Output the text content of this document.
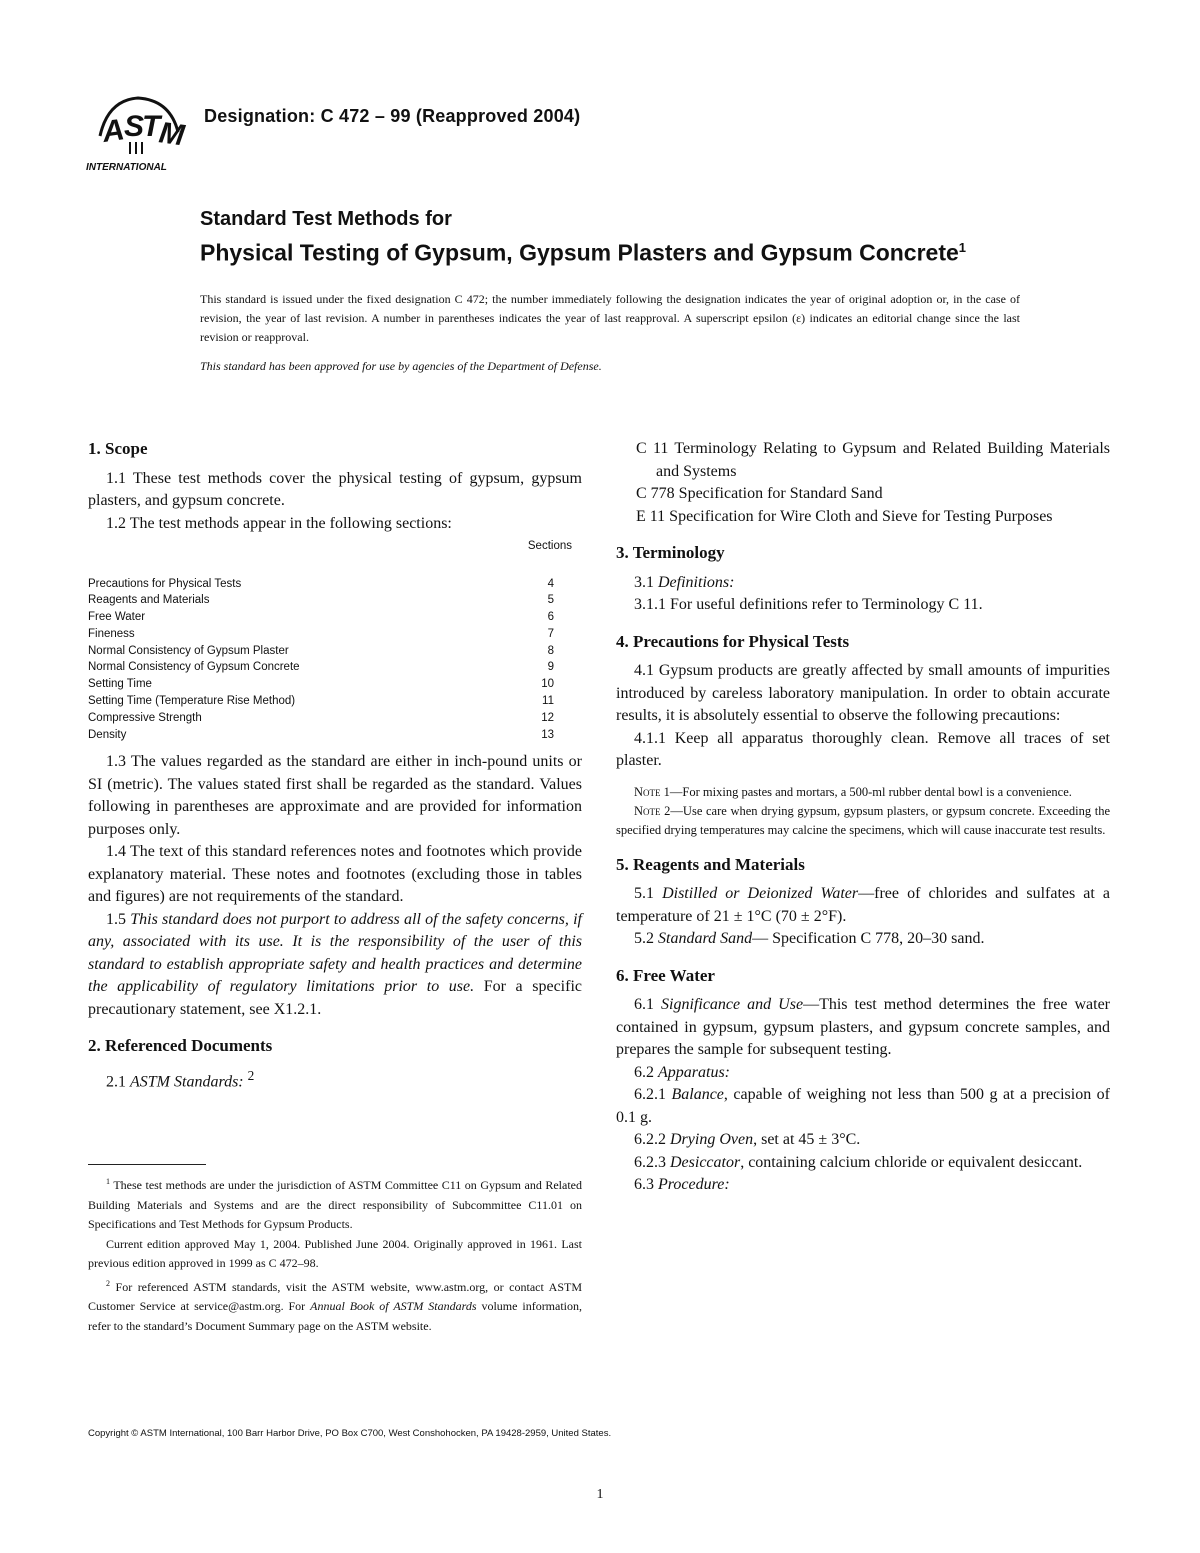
A
S
T
M
INTERNATIONAL
Designation: C 472 – 99 (Reapproved 2004)
Standard Test Methods for
Physical Testing of Gypsum, Gypsum Plasters and Gypsum Concrete$^1$
This standard is issued under the fixed designation C 472; the number immediately following the designation indicates the year of original adoption or, in the case of revision, the year of last revision. A number in parentheses indicates the year of last reapproval. A superscript epsilon (ε) indicates an editorial change since the last revision or reapproval.
This standard has been approved for use by agencies of the Department of Defense.
1. Scope

1.1 These test methods cover the physical testing of gypsum, gypsum plasters, and gypsum concrete.

1.2 The test methods appear in the following sections:

Sections
Precautions for Physical Tests	4
Reagents and Materials	5
Free Water	6
Fineness	7
Normal Consistency of Gypsum Plaster	8
Normal Consistency of Gypsum Concrete	9
Setting Time	10
Setting Time (Temperature Rise Method)	11
Compressive Strength	12
Density	13

1.3 The values regarded as the standard are either in inch-pound units or SI (metric). The values stated first shall be regarded as the standard. Values following in parentheses are approximate and are provided for information purposes only.

1.4 The text of this standard references notes and footnotes which provide explanatory material. These notes and footnotes (excluding those in tables and figures) are not requirements of the standard.

1.5 This standard does not purport to address all of the safety concerns, if any, associated with its use. It is the responsibility of the user of this standard to establish appropriate safety and health practices and determine the applicability of regulatory limitations prior to use. For a specific precautionary statement, see X1.2.1.

2. Referenced Documents

2.1 ASTM Standards: $^2$

C 11 Terminology Relating to Gypsum and Related Building Materials and Systems

C 778 Specification for Standard Sand

E 11 Specification for Wire Cloth and Sieve for Testing Purposes

3. Terminology

3.1 Definitions:

3.1.1 For useful definitions refer to Terminology C 11.

4. Precautions for Physical Tests

4.1 Gypsum products are greatly affected by small amounts of impurities introduced by careless laboratory manipulation. In order to obtain accurate results, it is absolutely essential to observe the following precautions:

4.1.1 Keep all apparatus thoroughly clean. Remove all traces of set plaster.

Note 1—For mixing pastes and mortars, a 500-ml rubber dental bowl is a convenience.

Note 2—Use care when drying gypsum, gypsum plasters, or gypsum concrete. Exceeding the specified drying temperatures may calcine the specimens, which will cause inaccurate test results.

5. Reagents and Materials

5.1 Distilled or Deionized Water—free of chlorides and sulfates at a temperature of 21 ± 1°C (70 ± 2°F).

5.2 Standard Sand— Specification C 778, 20–30 sand.

6. Free Water

6.1 Significance and Use—This test method determines the free water contained in gypsum, gypsum plasters, and gypsum concrete samples, and prepares the sample for subsequent testing.

6.2 Apparatus:

6.2.1 Balance, capable of weighing not less than 500 g at a precision of 0.1 g.

6.2.2 Drying Oven, set at 45 ± 3°C.

6.2.3 Desiccator, containing calcium chloride or equivalent desiccant.

6.3 Procedure:

$^1$ These test methods are under the jurisdiction of ASTM Committee C11 on Gypsum and Related Building Materials and Systems and are the direct responsibility of Subcommittee C11.01 on Specifications and Test Methods for Gypsum Products.

Current edition approved May 1, 2004. Published June 2004. Originally approved in 1961. Last previous edition approved in 1999 as C 472–98.

$^2$ For referenced ASTM standards, visit the ASTM website, www.astm.org, or contact ASTM Customer Service at service@astm.org. For Annual Book of ASTM Standards volume information, refer to the standard’s Document Summary page on the ASTM website.

Copyright © ASTM International, 100 Barr Harbor Drive, PO Box C700, West Conshohocken, PA 19428-2959, United States.
1
